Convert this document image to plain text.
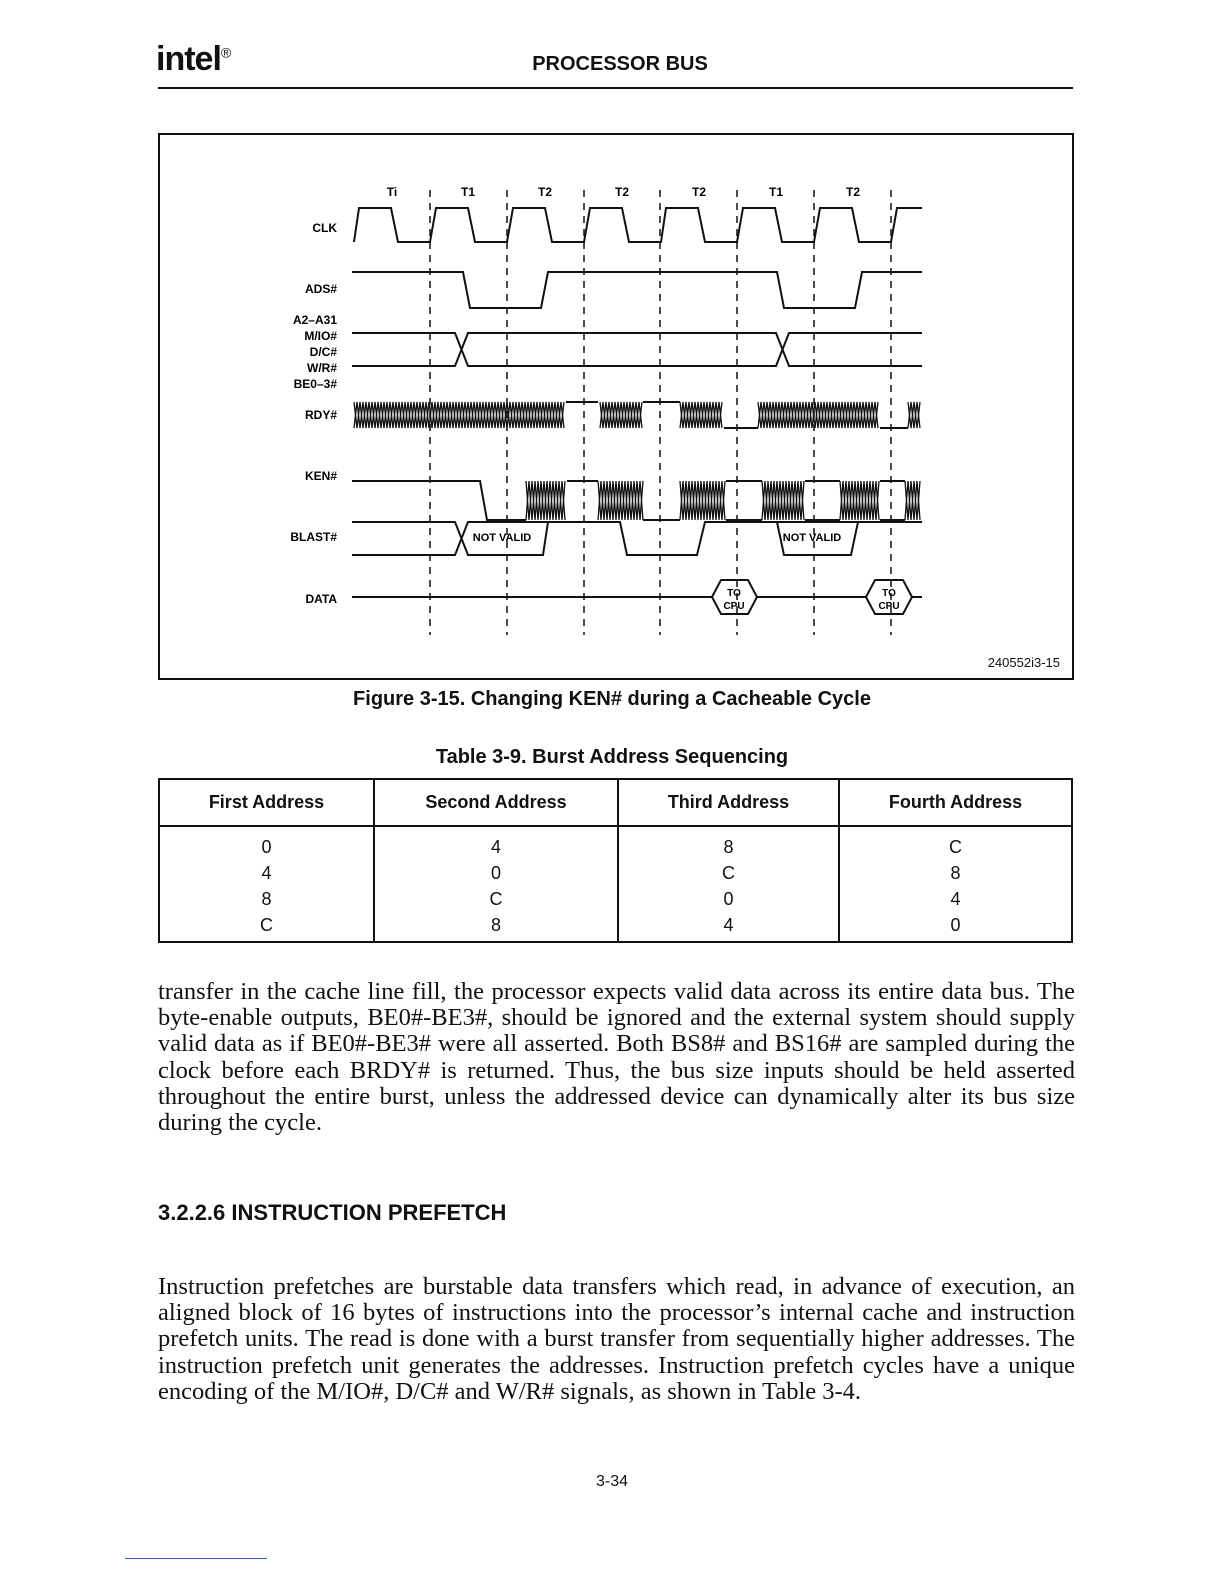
intel®
PROCESSOR BUS
Ti	T1	T2	T2	T2	T1	T2
CLK
ADS#
A2–A31
M/IO#
D/C#
W/R#
BE0–3#
RDY#
KEN#
BLAST#
DATA
NOT VALID	NOT VALID
TO
CPU
TO
CPU
240552i3-15
Figure 3-15. Changing KEN# during a Cacheable Cycle
Table 3-9. Burst Address Sequencing
First Address	Second Address	Third Address	Fourth Address
0	4	8	C
4	0	C	8
8	C	0	4
C	8	4	0
transfer in the cache line fill, the processor expects valid data across its entire data bus. The byte-enable outputs, BE0#-BE3#, should be ignored and the external system should supply valid data as if BE0#-BE3# were all asserted. Both BS8# and BS16# are sampled during the clock before each BRDY# is returned. Thus, the bus size inputs should be held asserted throughout the entire burst, unless the addressed device can dynamically alter its bus size during the cycle.
3.2.2.6 INSTRUCTION PREFETCH
Instruction prefetches are burstable data transfers which read, in advance of execution, an aligned block of 16 bytes of instructions into the processor’s internal cache and instruction prefetch units. The read is done with a burst transfer from sequentially higher addresses. The instruction prefetch unit generates the addresses. Instruction prefetch cycles have a unique encoding of the M/IO#, D/C# and W/R# signals, as shown in Table 3-4.
3-34
